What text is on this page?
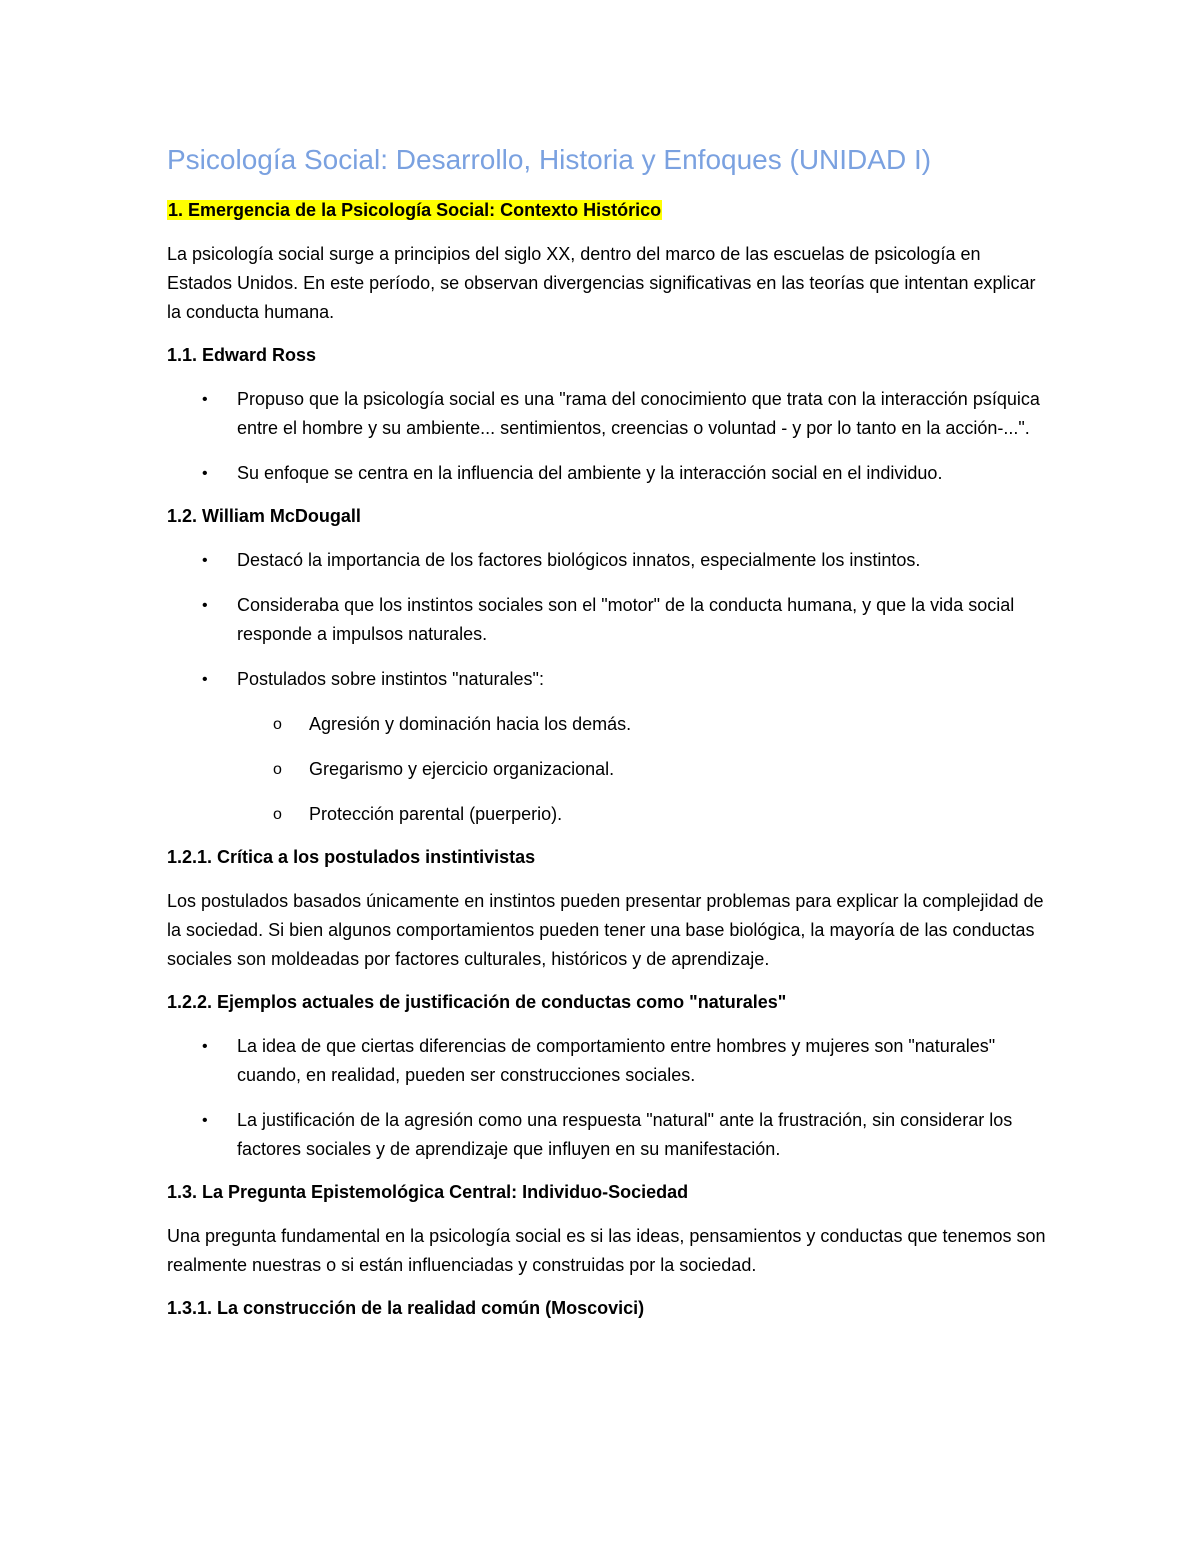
Psicología Social: Desarrollo, Historia y Enfoques (UNIDAD I)
1. Emergencia de la Psicología Social: Contexto Histórico

La psicología social surge a principios del siglo XX, dentro del marco de las escuelas de psicología en Estados Unidos. En este período, se observan divergencias significativas en las teorías que intentan explicar la conducta humana.

1.1. Edward Ross
• Propuso que la psicología social es una "rama del conocimiento que trata con la interacción psíquica entre el hombre y su ambiente... sentimientos, creencias o voluntad - y por lo tanto en la acción-...".
• Su enfoque se centra en la influencia del ambiente y la interacción social en el individuo.
1.2. William McDougall
• Destacó la importancia de los factores biológicos innatos, especialmente los instintos.
• Consideraba que los instintos sociales son el "motor" de la conducta humana, y que la vida social responde a impulsos naturales.
• Postulados sobre instintos "naturales":
o Agresión y dominación hacia los demás.
o Gregarismo y ejercicio organizacional.
o Protección parental (puerperio).
1.2.1. Crítica a los postulados instintivistas

Los postulados basados únicamente en instintos pueden presentar problemas para explicar la complejidad de la sociedad. Si bien algunos comportamientos pueden tener una base biológica, la mayoría de las conductas sociales son moldeadas por factores culturales, históricos y de aprendizaje.

1.2.2. Ejemplos actuales de justificación de conductas como "naturales"
• La idea de que ciertas diferencias de comportamiento entre hombres y mujeres son "naturales" cuando, en realidad, pueden ser construcciones sociales.
• La justificación de la agresión como una respuesta "natural" ante la frustración, sin considerar los factores sociales y de aprendizaje que influyen en su manifestación.
1.3. La Pregunta Epistemológica Central: Individuo-Sociedad

Una pregunta fundamental en la psicología social es si las ideas, pensamientos y conductas que tenemos son realmente nuestras o si están influenciadas y construidas por la sociedad.

1.3.1. La construcción de la realidad común (Moscovici)
